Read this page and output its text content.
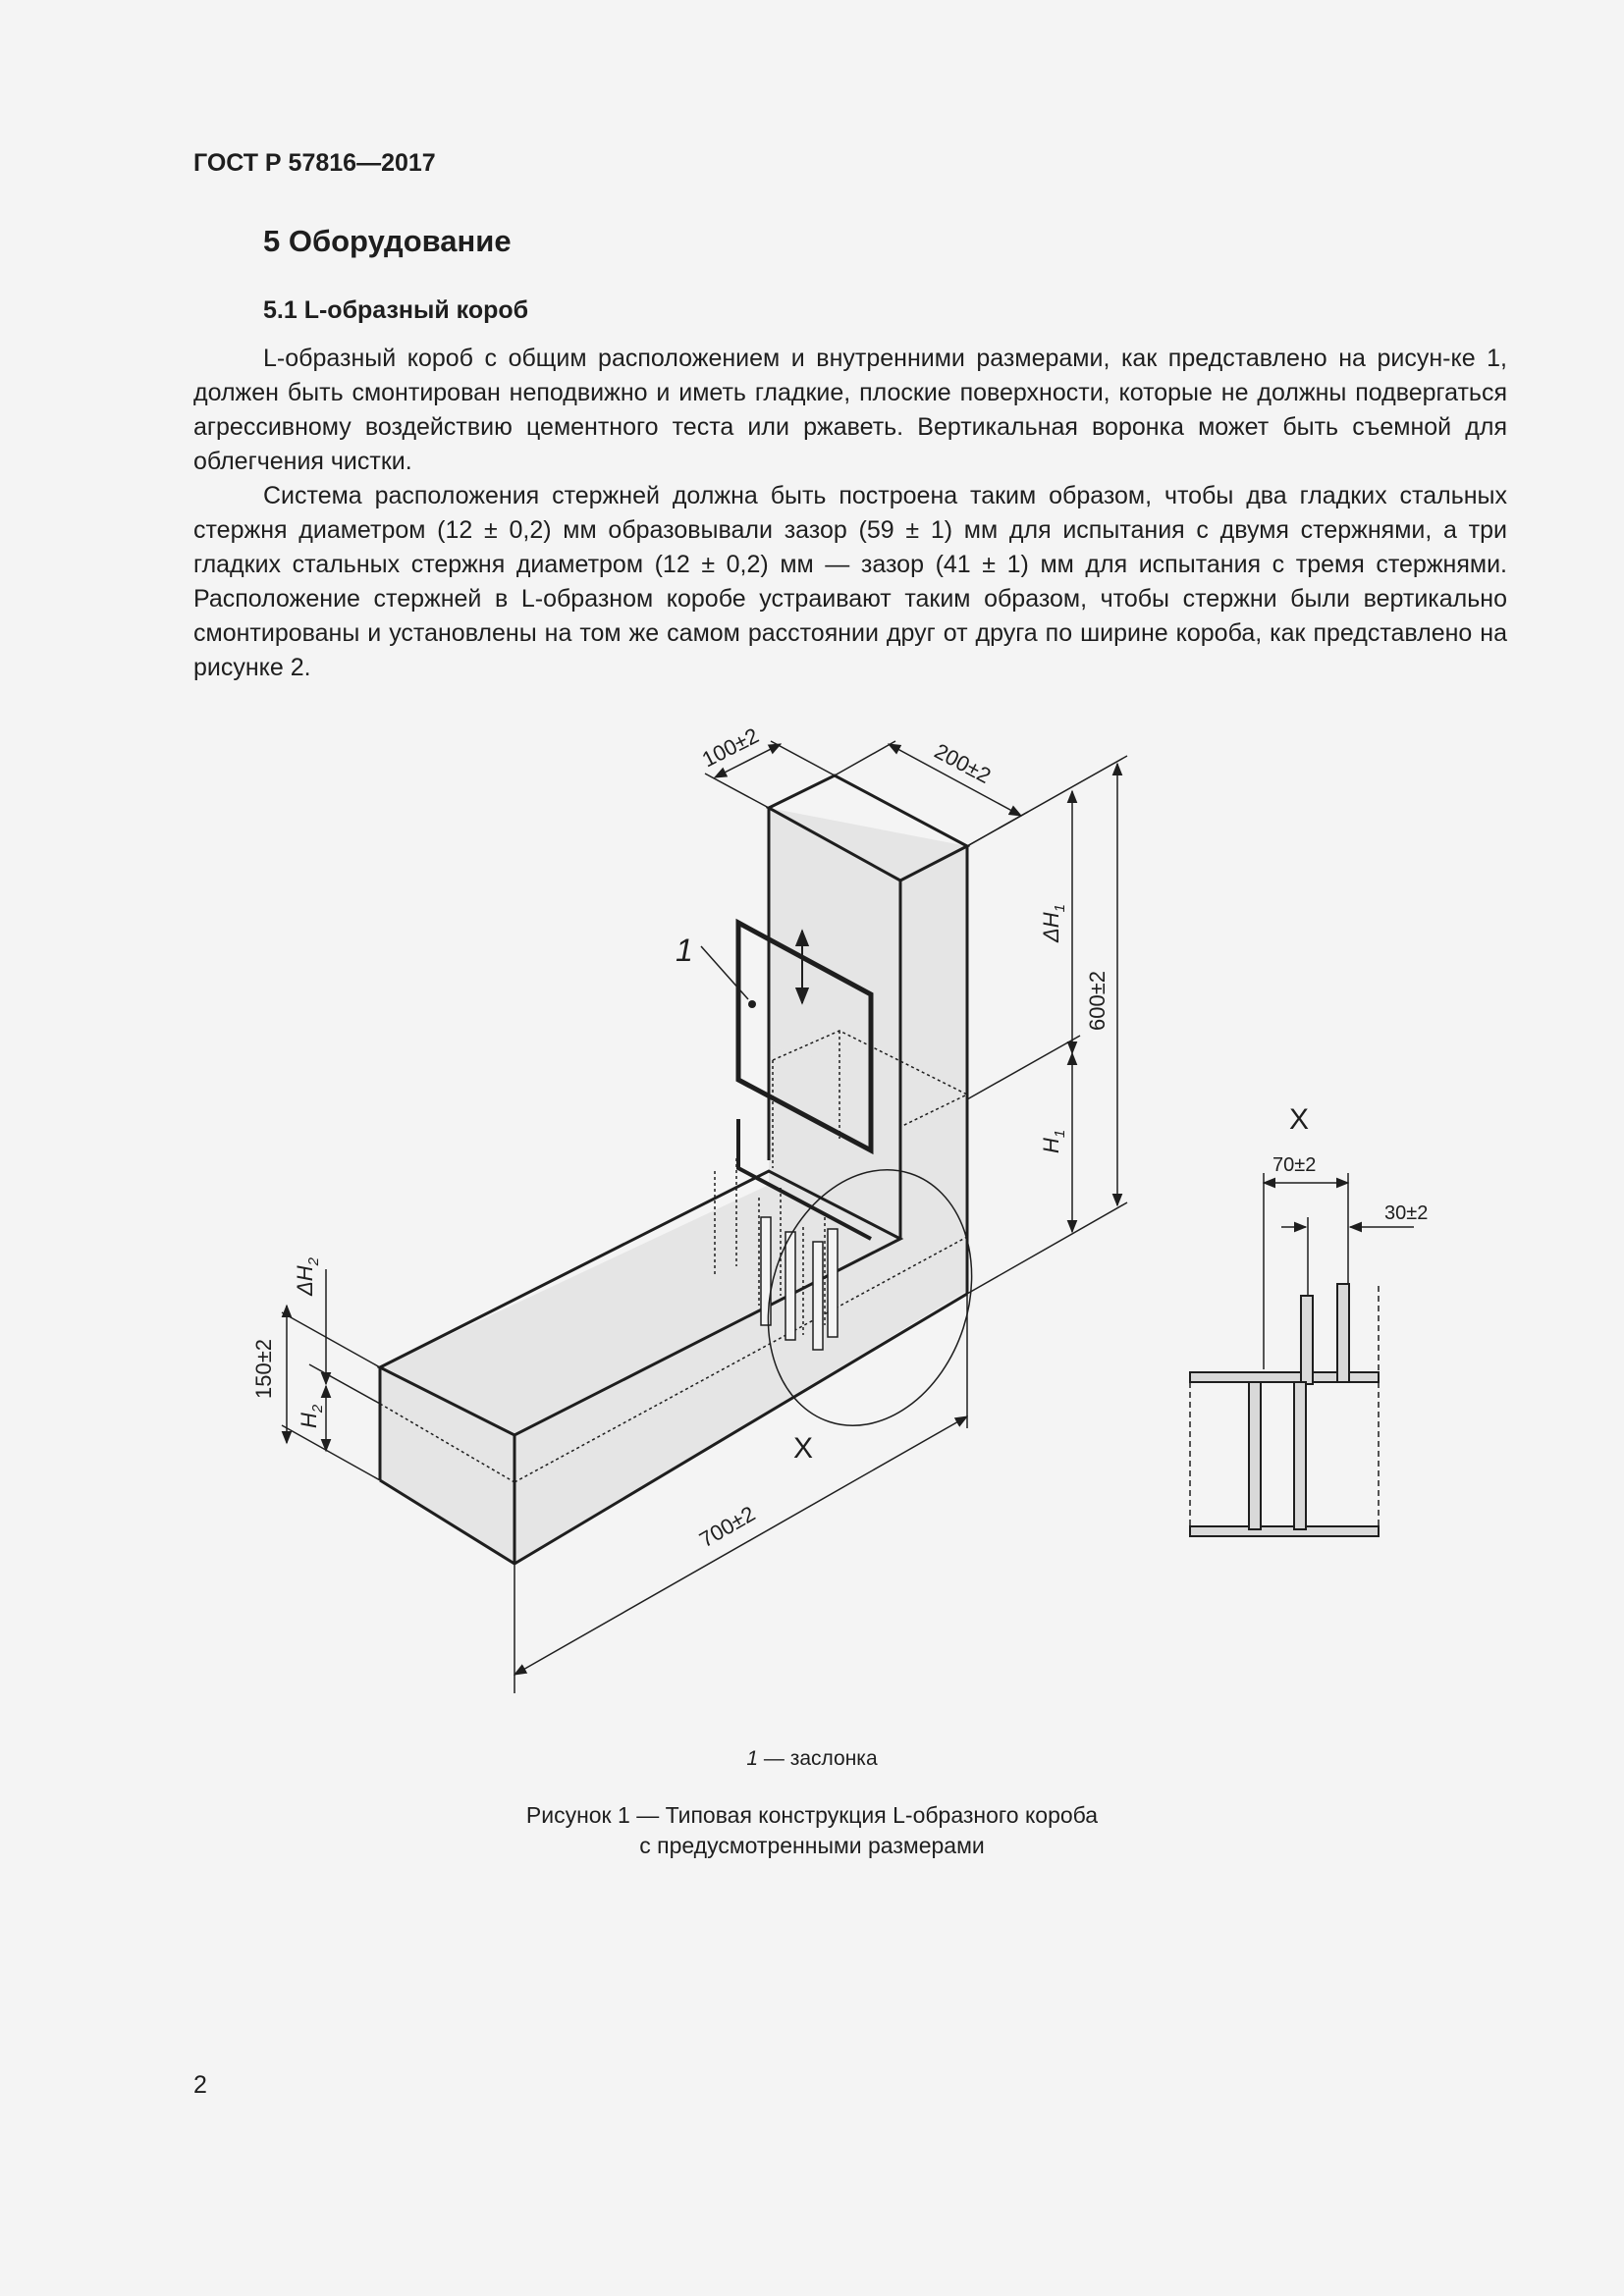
ГОСТ Р 57816—2017
5 Оборудование
5.1 L-образный короб

L-образный короб с общим расположением и внутренними размерами, как представлено на рисун-ке 1, должен быть смонтирован неподвижно и иметь гладкие, плоские поверхности, которые не должны подвергаться агрессивному воздействию цементного теста или ржаветь. Вертикальная воронка может быть съемной для облегчения чистки.

Система расположения стержней должна быть построена таким образом, чтобы два гладких стальных стержня диаметром (12 ± 0,2) мм образовывали зазор (59 ± 1) мм для испытания с двумя стержнями, а три гладких стальных стержня диаметром (12 ± 0,2) мм — зазор (41 ± 1) мм для испытания с тремя стержнями. Расположение стержней в L-образном коробе устраивают таким образом, чтобы стержни были вертикально смонтированы и установлены на том же самом расстоянии друг от друга по ширине короба, как представлено на рисунке 2.

1
X
100±2	200±2
$\Delta H_1$
600±2
$H_1$
$\Delta H_2$
150±2
$H_2$
700±2
X
70±2
30±2
1 — заслонка
Рисунок 1 — Типовая конструкция L-образного короба
с предусмотренными размерами
2
